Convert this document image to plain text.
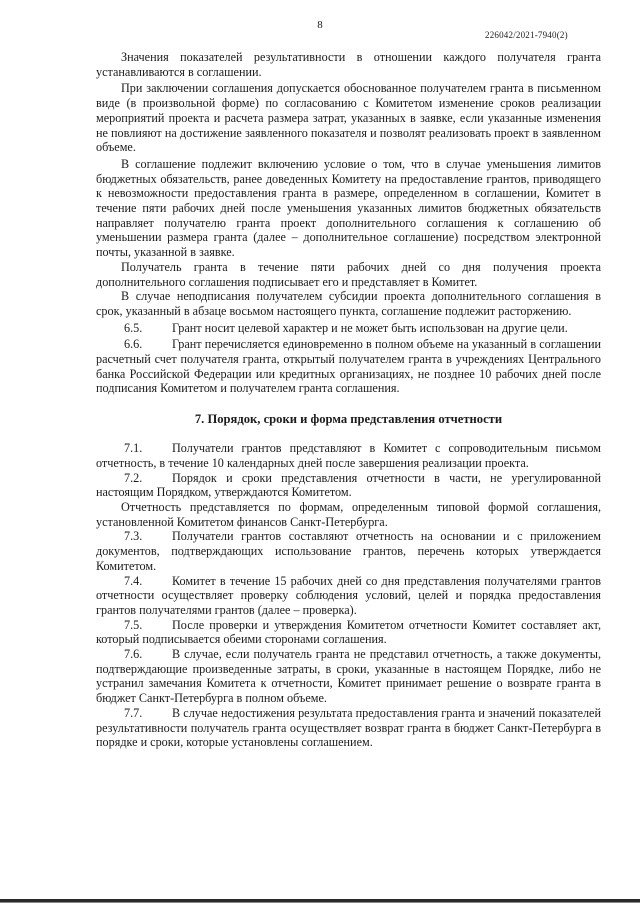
8
226042/2021-7940(2)

Значения показателей результативности в отношении каждого получателя гранта устанавливаются в соглашении.

При заключении соглашения допускается обоснованное получателем гранта в письменном виде (в произвольной форме) по согласованию с Комитетом изменение сроков реализации мероприятий проекта и расчета размера затрат, указанных в заявке, если указанные изменения не повлияют на достижение заявленного показателя и позволят реализовать проект в заявленном объеме.

В соглашение подлежит включению условие о том, что в случае уменьшения лимитов бюджетных обязательств, ранее доведенных Комитету на предоставление грантов, приводящего к невозможности предоставления гранта в размере, определенном в соглашении, Комитет в течение пяти рабочих дней после уменьшения указанных лимитов бюджетных обязательств направляет получателю гранта проект дополнительного соглашения к соглашению об уменьшении размера гранта (далее – дополнительное соглашение) посредством электронной почты, указанной в заявке.

Получатель гранта в течение пяти рабочих дней со дня получения проекта дополнительного соглашения подписывает его и представляет в Комитет.

В случае неподписания получателем субсидии проекта дополнительного соглашения в срок, указанный в абзаце восьмом настоящего пункта, соглашение подлежит расторжению.

6.5. Грант носит целевой характер и не может быть использован на другие цели.

6.6. Грант перечисляется единовременно в полном объеме на указанный в соглашении расчетный счет получателя гранта, открытый получателем гранта в учреждениях Центрального банка Российской Федерации или кредитных организациях, не позднее 10 рабочих дней после подписания Комитетом и получателем гранта соглашения.

7. Порядок, сроки и форма представления отчетности

7.1. Получатели грантов представляют в Комитет с сопроводительным письмом отчетность, в течение 10 календарных дней после завершения реализации проекта.

7.2. Порядок и сроки представления отчетности в части, не урегулированной настоящим Порядком, утверждаются Комитетом.

Отчетность представляется по формам, определенным типовой формой соглашения, установленной Комитетом финансов Санкт-Петербурга.

7.3. Получатели грантов составляют отчетность на основании и с приложением документов, подтверждающих использование грантов, перечень которых утверждается Комитетом.

7.4. Комитет в течение 15 рабочих дней со дня представления получателями грантов отчетности осуществляет проверку соблюдения условий, целей и порядка предоставления грантов получателями грантов (далее – проверка).

7.5. После проверки и утверждения Комитетом отчетности Комитет составляет акт, который подписывается обеими сторонами соглашения.

7.6. В случае, если получатель гранта не представил отчетность, а также документы, подтверждающие произведенные затраты, в сроки, указанные в настоящем Порядке, либо не устранил замечания Комитета к отчетности, Комитет принимает решение о возврате гранта в бюджет Санкт-Петербурга в полном объеме.

7.7. В случае недостижения результата предоставления гранта и значений показателей результативности получатель гранта осуществляет возврат гранта в бюджет Санкт-Петербурга в порядке и сроки, которые установлены соглашением.
